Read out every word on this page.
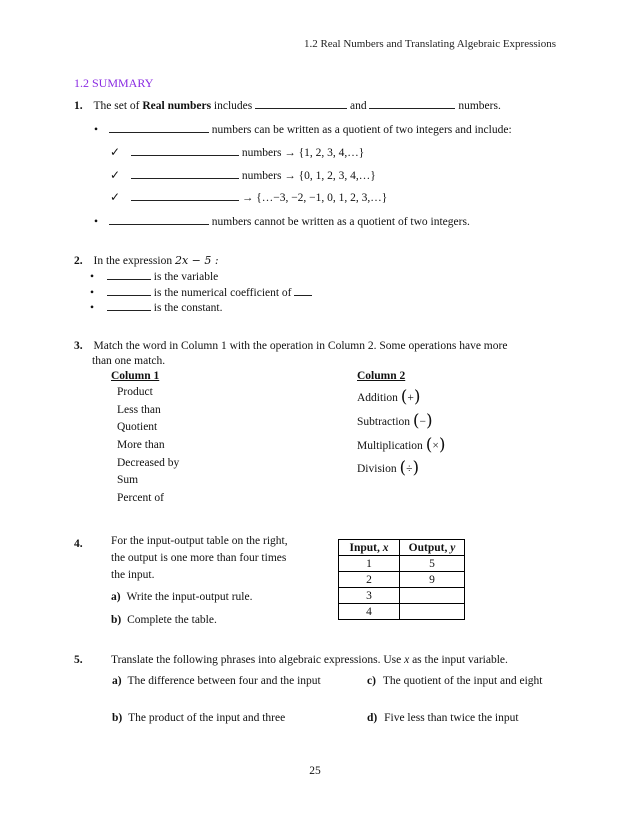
1.2 Real Numbers and Translating Algebraic Expressions
1.2 SUMMARY
1. The set of Real numbers includes	and	numbers.
•	numbers can be written as a quotient of two integers and include:
✓	numbers → {1, 2, 3, 4,…}
✓	numbers → {0, 1, 2, 3, 4,…}
✓	→ {…−3, −2, −1, 0, 1, 2, 3,…}
•	numbers cannot be written as a quotient of two integers.
2. In the expression 2x − 5 :
•	is the variable
•	is the numerical coefficient of
•	is the constant.
3. Match the word in Column 1 with the operation in Column 2. Some operations have more
than one match.
Column 1	Column 2
Product
Less than
Quotient
More than
Decreased by
Sum
Percent of
Addition (+)
Subtraction (−)
Multiplication (×)
Division (÷)
4. For the input-output table on the right,
the output is one more than four times
the input.
a) Write the input-output rule.
b) Complete the table.
Input, x	Output, y
1	5
2	9
3	
4	
5. Translate the following phrases into algebraic expressions. Use x as the input variable.
a) The difference between four and the input	c) The quotient of the input and eight
b) The product of the input and three	d) Five less than twice the input
25
